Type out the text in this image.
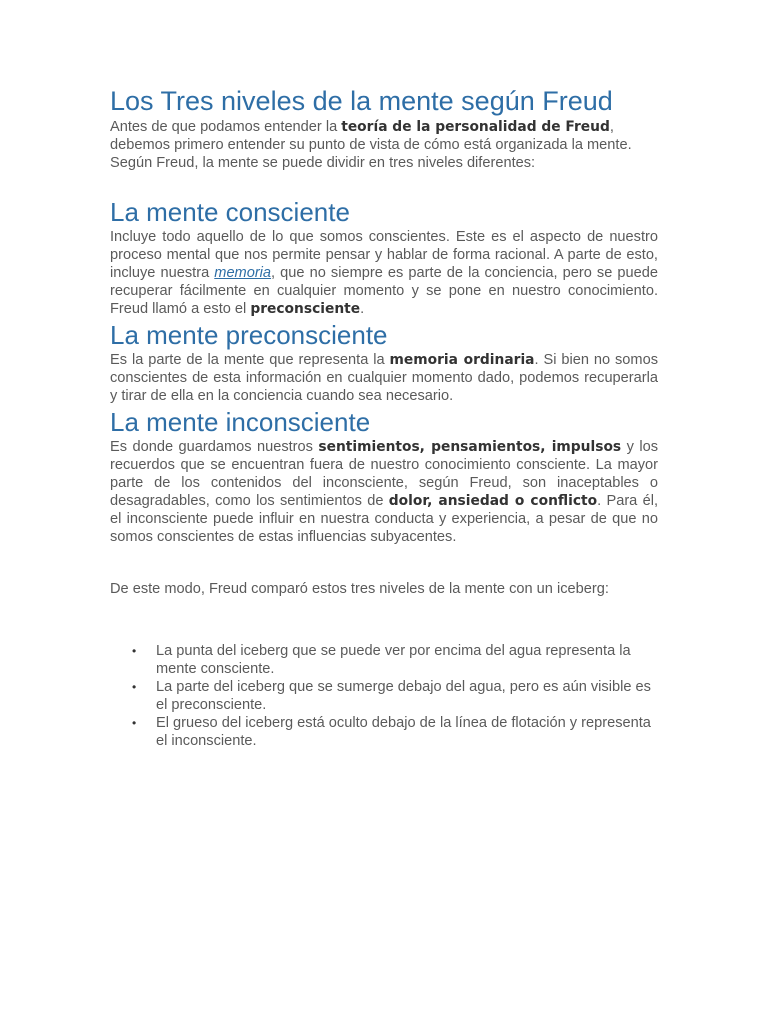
Los Tres niveles de la mente según Freud

Antes de que podamos entender la teoría de la personalidad de Freud, debemos primero entender su punto de vista de cómo está organizada la mente.

Según Freud, la mente se puede dividir en tres niveles diferentes:

La mente consciente

Incluye todo aquello de lo que somos conscientes. Este es el aspecto de nuestro proceso mental que nos permite pensar y hablar de forma racional. A parte de esto, incluye nuestra memoria, que no siempre es parte de la conciencia, pero se puede recuperar fácilmente en cualquier momento y se pone en nuestro conocimiento. Freud llamó a esto el preconsciente.

La mente preconsciente

Es la parte de la mente que representa la memoria ordinaria. Si bien no somos conscientes de esta información en cualquier momento dado, podemos recuperarla y tirar de ella en la conciencia cuando sea necesario.

La mente inconsciente

Es donde guardamos nuestros sentimientos, pensamientos, impulsos y los recuerdos que se encuentran fuera de nuestro conocimiento consciente. La mayor parte de los contenidos del inconsciente, según Freud, son inaceptables o desagradables, como los sentimientos de dolor, ansiedad o conflicto. Para él, el inconsciente puede influir en nuestra conducta y experiencia, a pesar de que no somos conscientes de estas influencias subyacentes.

De este modo, Freud comparó estos tres niveles de la mente con un iceberg:

• La punta del iceberg que se puede ver por encima del agua representa la mente consciente.
• La parte del iceberg que se sumerge debajo del agua, pero es aún visible es el preconsciente.
• El grueso del iceberg está oculto debajo de la línea de flotación y representa el inconsciente.
